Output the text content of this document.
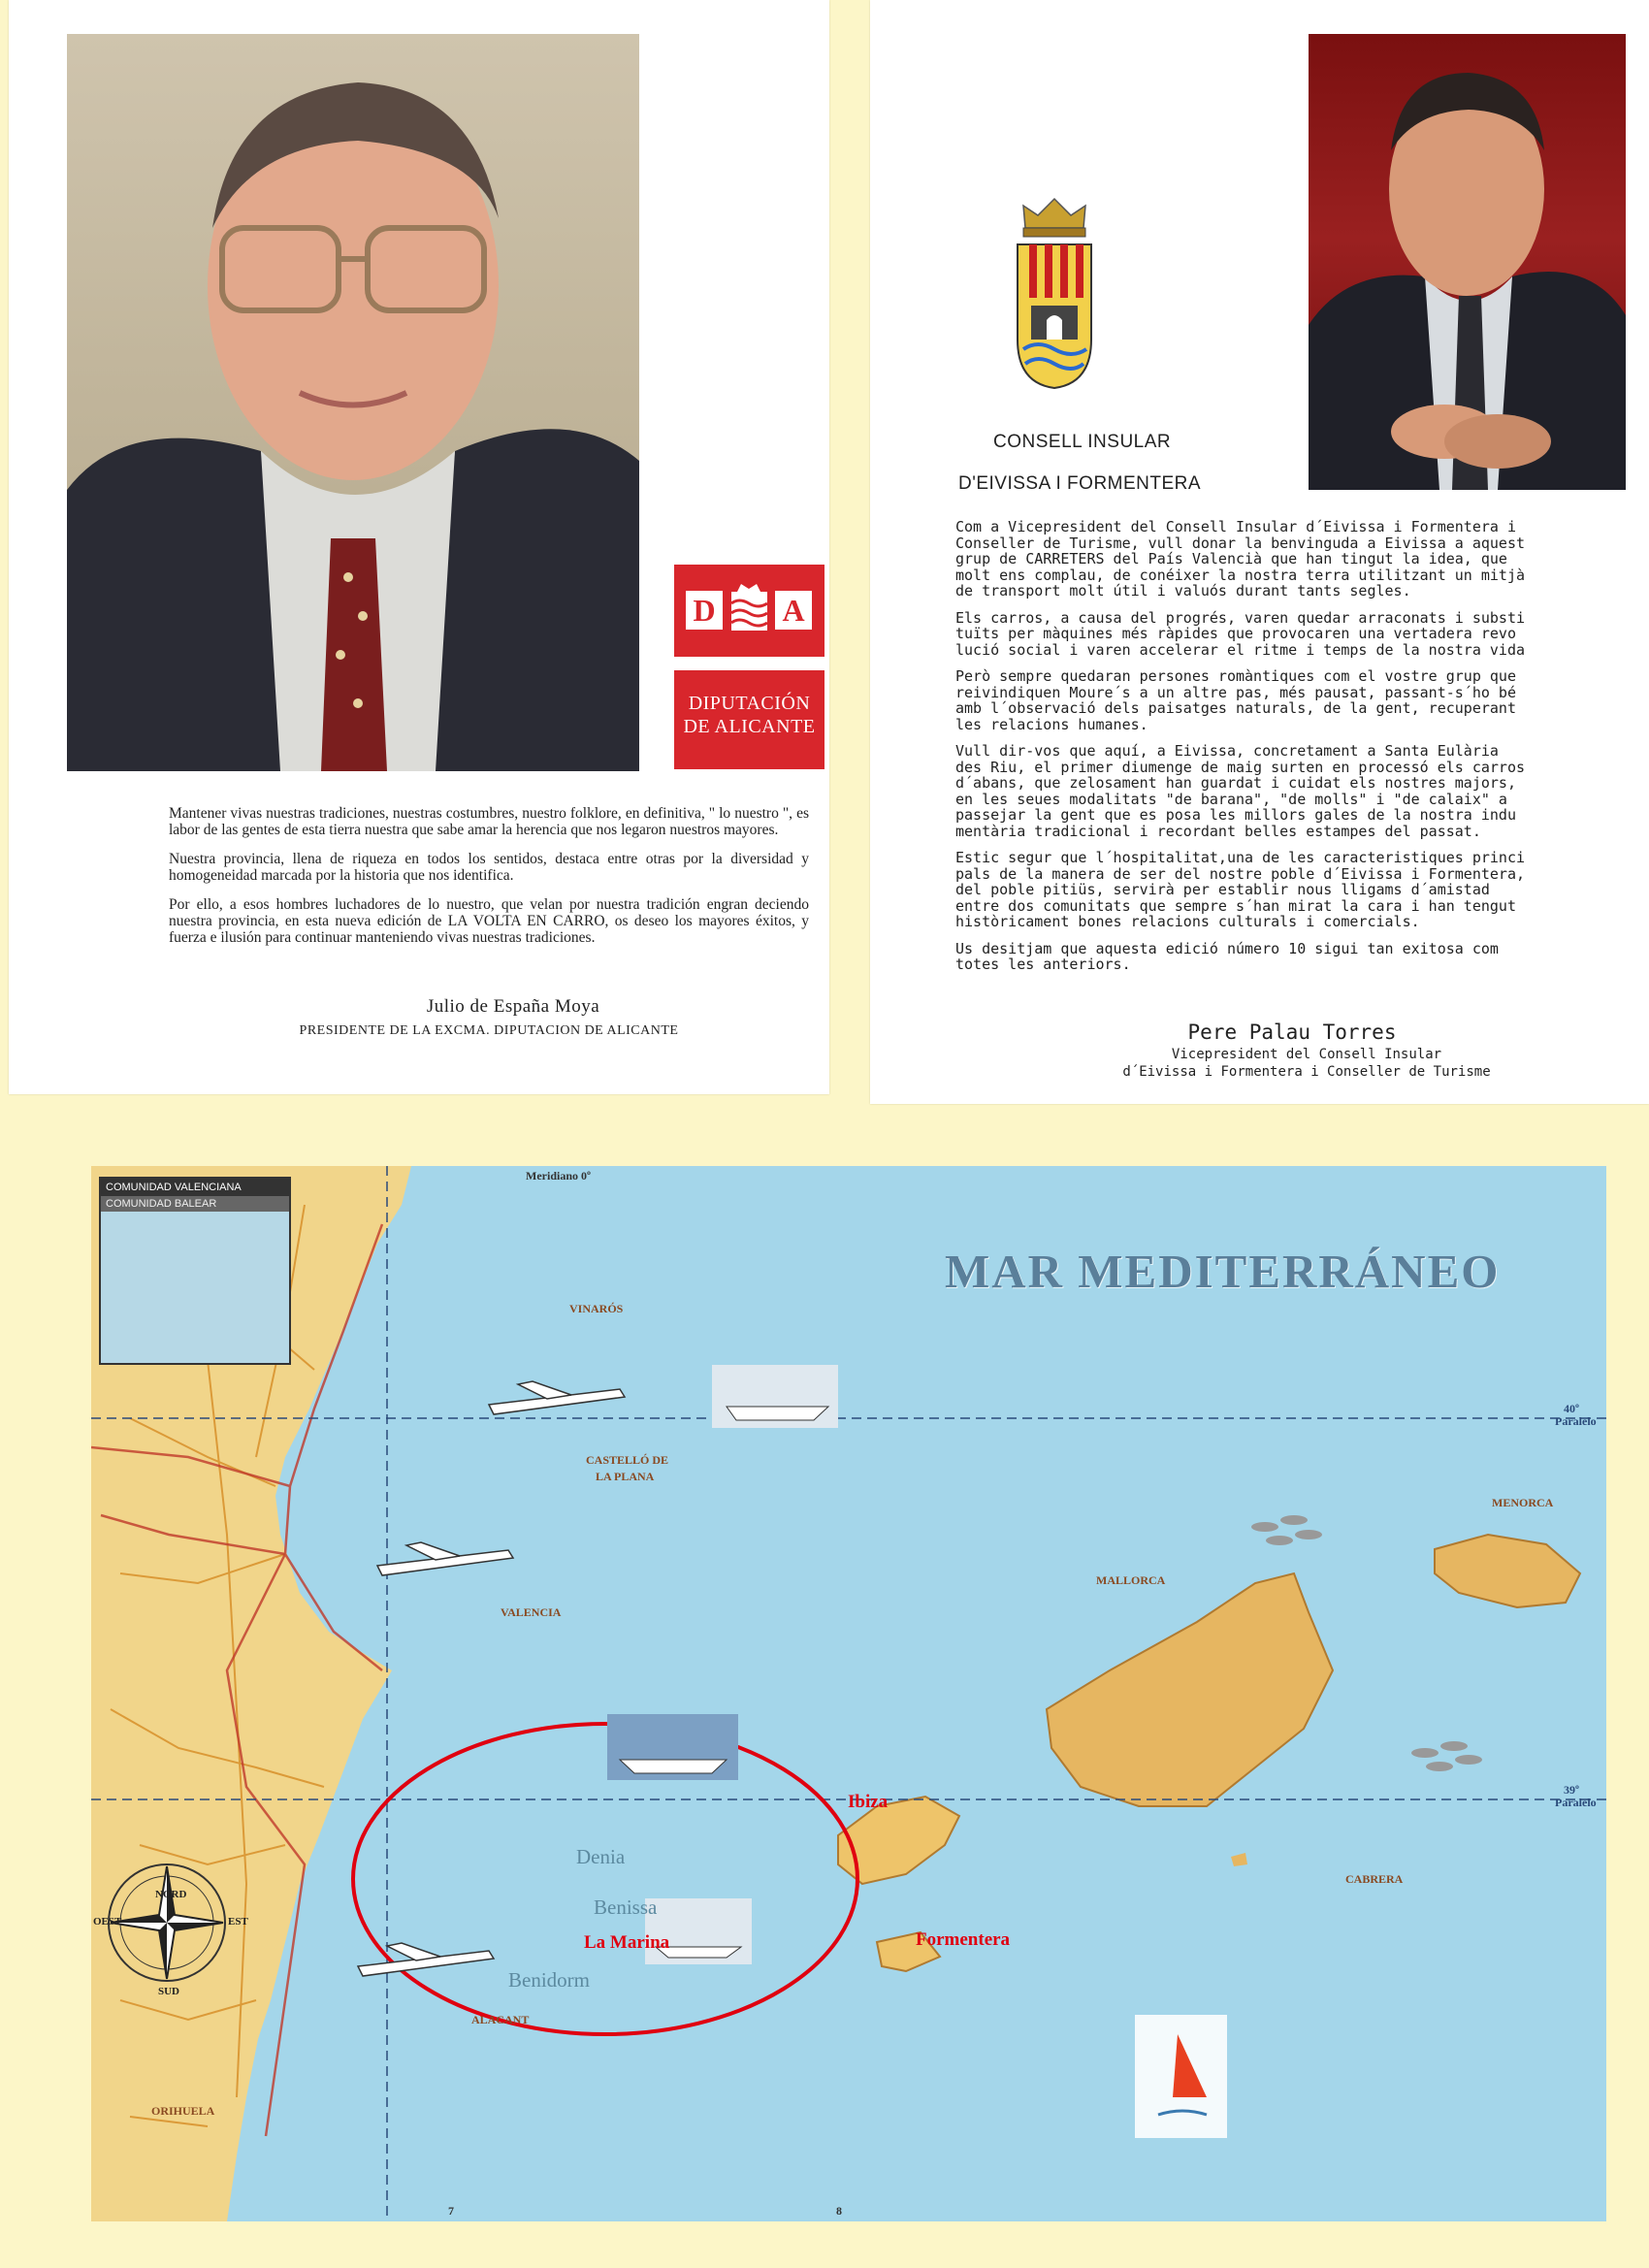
D A
DIPUTACIÓN
DE ALICANTE

Mantener vivas nuestras tradiciones, nuestras costumbres, nuestro folklore, en definitiva, " lo nuestro ", es labor de las gentes de esta tierra nuestra que sabe amar la herencia que nos legaron nuestros mayores.

Nuestra provincia, llena de riqueza en todos los sentidos, destaca entre otras por la diversidad y homogeneidad marcada por la historia que nos identifica.

Por ello, a esos hombres luchadores de lo nuestro, que velan por nuestra tradición engran deciendo nuestra provincia, en esta nueva edición de LA VOLTA EN CARRO, os deseo los mayores éxitos, y fuerza e ilusión para continuar manteniendo vivas nuestras tradiciones.

Julio de España Moya
PRESIDENTE DE LA EXCMA. DIPUTACION DE ALICANTE
CONSELL INSULAR
D'EIVISSA I FORMENTERA

Com a Vicepresident del Consell Insular d´Eivissa i Formentera i
Conseller de Turisme, vull donar la benvinguda a Eivissa a aquest
grup de CARRETERS del País Valencià que han tingut la idea, que
molt ens complau, de conéixer la nostra terra utilitzant un mitjà
de transport molt útil i valuós durant tants segles.

Els carros, a causa del progrés, varen quedar arraconats i substi
tuïts per màquines més ràpides que provocaren una vertadera revo
lució social i varen accelerar el ritme i temps de la nostra vida

Però sempre quedaran persones romàntiques com el vostre grup que
reivindiquen Moure´s a un altre pas, més pausat, passant-s´ho bé
amb l´observació dels paisatges naturals, de la gent, recuperant
les relacions humanes.

Vull dir-vos que aquí, a Eivissa, concretament a Santa Eulària
des Riu, el primer diumenge de maig surten en processó els carros
d´abans, que zelosament han guardat i cuidat els nostres majors,
en les seues modalitats "de barana", "de molls" i "de calaix" a
passejar la gent que es posa les millors gales de la nostra indu
mentària tradicional i recordant belles estampes del passat.

Estic segur que l´hospitalitat,una de les caracteristiques princi
pals de la manera de ser del nostre poble d´Eivissa i Formentera,
del poble pitiüs, servirà per establir nous lligams d´amistad
entre dos comunitats que sempre s´han mirat la cara i han tengut
històricament bones relacions culturals i comercials.

Us desitjam que aquesta edició número 10 sigui tan exitosa com
totes les anteriors.

Pere Palau Torres
Vicepresident del Consell Insular
d´Eivissa i Formentera i Conseller de Turisme
COMUNIDAD VALENCIANA
COMUNIDAD BALEAR
MAR MEDITERRÁNEO
Meridiano 0º
40º
Paralelo
39º
Paralelo
VINARÓS
CASTELLÓ DE
LA PLANA
VALENCIA
ALACANT
ORIHUELA
MALLORCA
MENORCA
CABRERA
Ibiza
Formentera
La Marina
Denia
Benissa
Benidorm
NORD
SUD
EST
OEST
7	8
